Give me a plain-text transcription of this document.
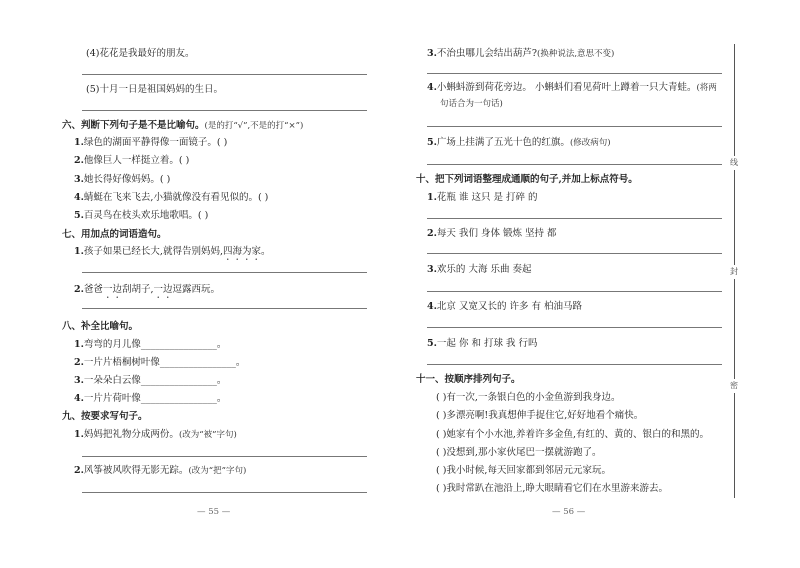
(4)花花是我最好的朋友。
(5)十月一日是祖国妈妈的生日。
六、判断下列句子是不是比喻句。(是的打“√”,不是的打“×”)
1.绿色的湖面平静得像一面镜子。( )
2.他像巨人一样挺立着。( )
3.她长得好像妈妈。( )
4.蜻蜓在飞来飞去,小猫就像没有看见似的。( )
5.百灵鸟在枝头欢乐地歌唱。( )
七、用加点的词语造句。
1.孩子如果已经长大,就得告别妈妈,四海为家。
2.爸爸一边刮胡子,一边逗露西玩。
八、补全比喻句。
1.弯弯的月儿像________________。
2.一片片梧桐树叶像________________。
3.一朵朵白云像________________。
4.一片片荷叶像________________。
九、按要求写句子。
1.妈妈把礼物分成两份。(改为“被”字句)
2.风筝被风吹得无影无踪。(改为“把”字句)
— 55 —
3.不治虫哪儿会结出葫芦?(换种说法,意思不变)
4.小蝌蚪游到荷花旁边。 小蝌蚪们看见荷叶上蹲着一只大青蛙。(将两
句话合为一句话)
5.广场上挂满了五光十色的红旗。(修改病句)
十、把下列词语整理成通顺的句子,并加上标点符号。
1.花瓶 谁 这只 是 打碎 的
2.每天 我们 身体 锻炼 坚持 都
3.欢乐的 大海 乐曲 奏起
4.北京 又宽又长的 许多 有 柏油马路
5.一起 你 和 打球 我 行吗
十一、按顺序排列句子。
( )有一次,一条银白色的小金鱼游到我身边。
( )多漂亮啊!我真想伸手捉住它,好好地看个痛快。
( )她家有个小水池,养着许多金鱼,有红的、黄的、银白的和黑的。
( )没想到,那小家伙尾巴一摆就游跑了。
( )我小时候,每天回家都到邻居元元家玩。
( )我时常趴在池沿上,睁大眼睛看它们在水里游来游去。
— 56 —
线
封
密
